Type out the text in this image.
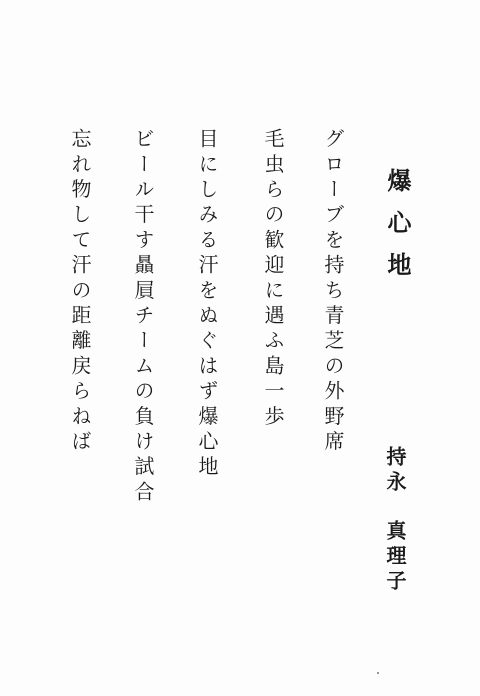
爆心地
持永真理子
グローブを持ち青芝の外野席
毛虫らの歓迎に遇ふ島一歩
目にしみる汗をぬぐはず爆心地
ビール干す贔屓チームの負け試合
忘れ物して汗の距離戻らねば
